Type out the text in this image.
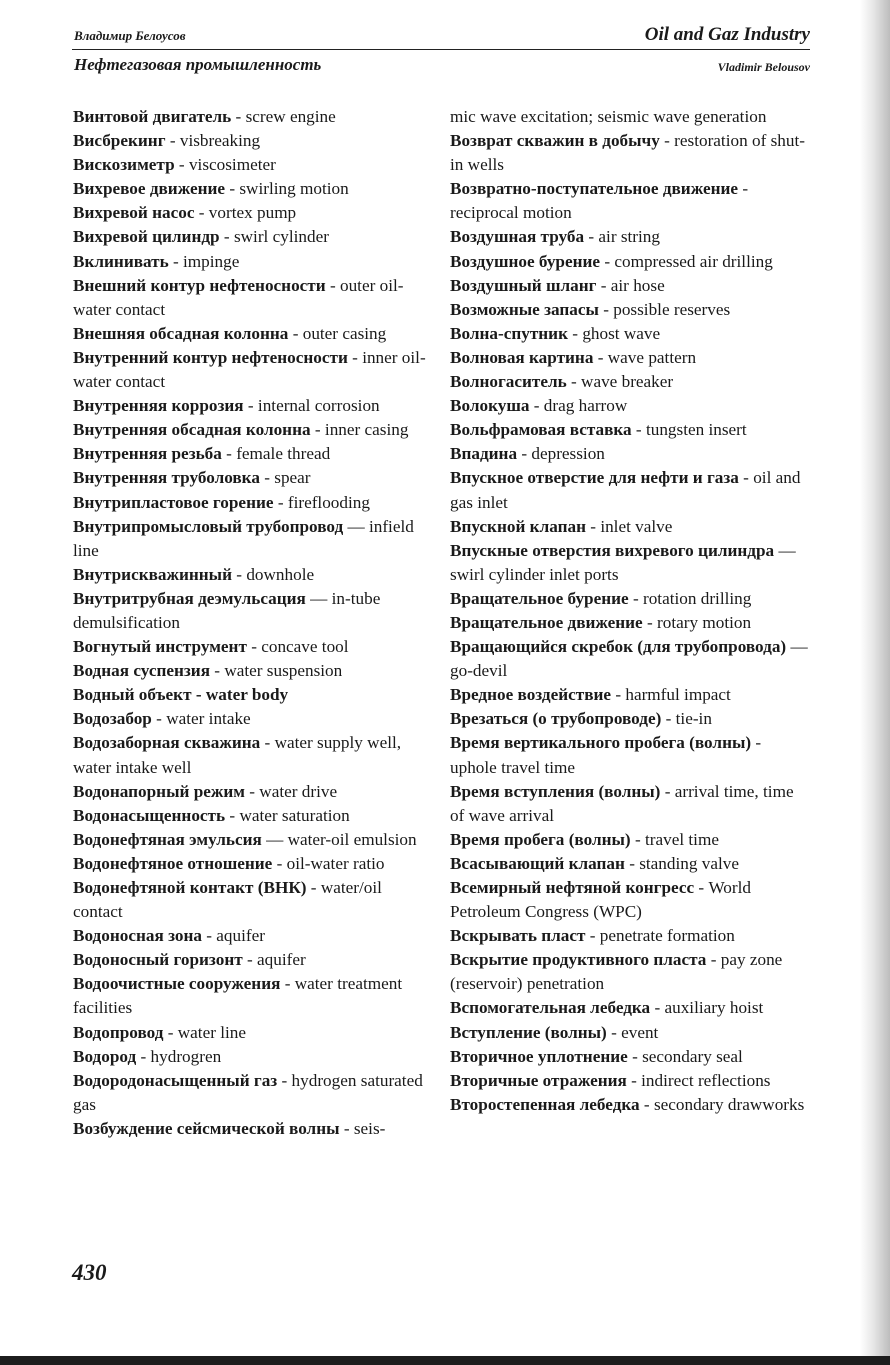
Владимир Белоусов	Oil and Gaz Industry
Нефтегазовая промышленность	Vladimir Belousov

Винтовой двигатель - screw engine

Висбрекинг - visbreaking

Вискозиметр - viscosimeter

Вихревое движение - swirling motion

Вихревой насос - vortex pump

Вихревой цилиндр - swirl cylinder

Вклинивать - impinge

Внешний контур нефтеносности - outer oil-water contact

Внешняя обсадная колонна - outer casing

Внутренний контур нефтеносности - inner oil-water contact

Внутренняя коррозия - internal corrosion

Внутренняя обсадная колонна - inner casing

Внутренняя резьба - female thread

Внутренняя труболовка - spear

Внутрипластовое горение - fireflooding

Внутрипромысловый трубопровод — infield line

Внутрискважинный - downhole

Внутритрубная деэмульсация — in-tube demulsification

Вогнутый инструмент - concave tool

Водная суспензия - water suspension

Водный объект - water body

Водозабор - water intake

Водозаборная скважина - water supply well, water intake well

Водонапорный режим - water drive

Водонасыщенность - water saturation

Водонефтяная эмульсия — water-oil emulsion

Водонефтяное отношение - oil-water ratio

Водонефтяной контакт (ВНК) - water/oil contact

Водоносная зона - aquifer

Водоносный горизонт - aquifer

Водоочистные сооружения - water treatment facilities

Водопровод - water line

Водород - hydrogren

Водородонасыщенный газ - hydrogen saturated gas

Возбуждение сейсмической волны - seis-

mic wave excitation; seismic wave generation

Возврат скважин в добычу - restoration of shut-in wells

Возвратно-поступательное движение - reciprocal motion

Воздушная труба - air string

Воздушное бурение - compressed air drilling

Воздушный шланг - air hose

Возможные запасы - possible reserves

Волна-спутник - ghost wave

Волновая картина - wave pattern

Волногаситель - wave breaker

Волокуша - drag harrow

Вольфрамовая вставка - tungsten insert

Впадина - depression

Впускное отверстие для нефти и газа - oil and gas inlet

Впускной клапан - inlet valve

Впускные отверстия вихревого цилиндра — swirl cylinder inlet ports

Вращательное бурение - rotation drilling

Вращательное движение - rotary motion

Вращающийся скребок (для трубопровода) — go-devil

Вредное воздействие - harmful impact

Врезаться (о трубопроводе) - tie-in

Время вертикального пробега (волны) - uphole travel time

Время вступления (волны) - arrival time, time of wave arrival

Время пробега (волны) - travel time

Всасывающий клапан - standing valve

Всемирный нефтяной конгресс - World Petroleum Congress (WPC)

Вскрывать пласт - penetrate formation

Вскрытие продуктивного пласта - pay zone (reservoir) penetration

Вспомогательная лебедка - auxiliary hoist

Вступление (волны) - event

Вторичное уплотнение - secondary seal

Вторичные отражения - indirect reflections

Второстепенная лебедка - secondary drawworks

430
